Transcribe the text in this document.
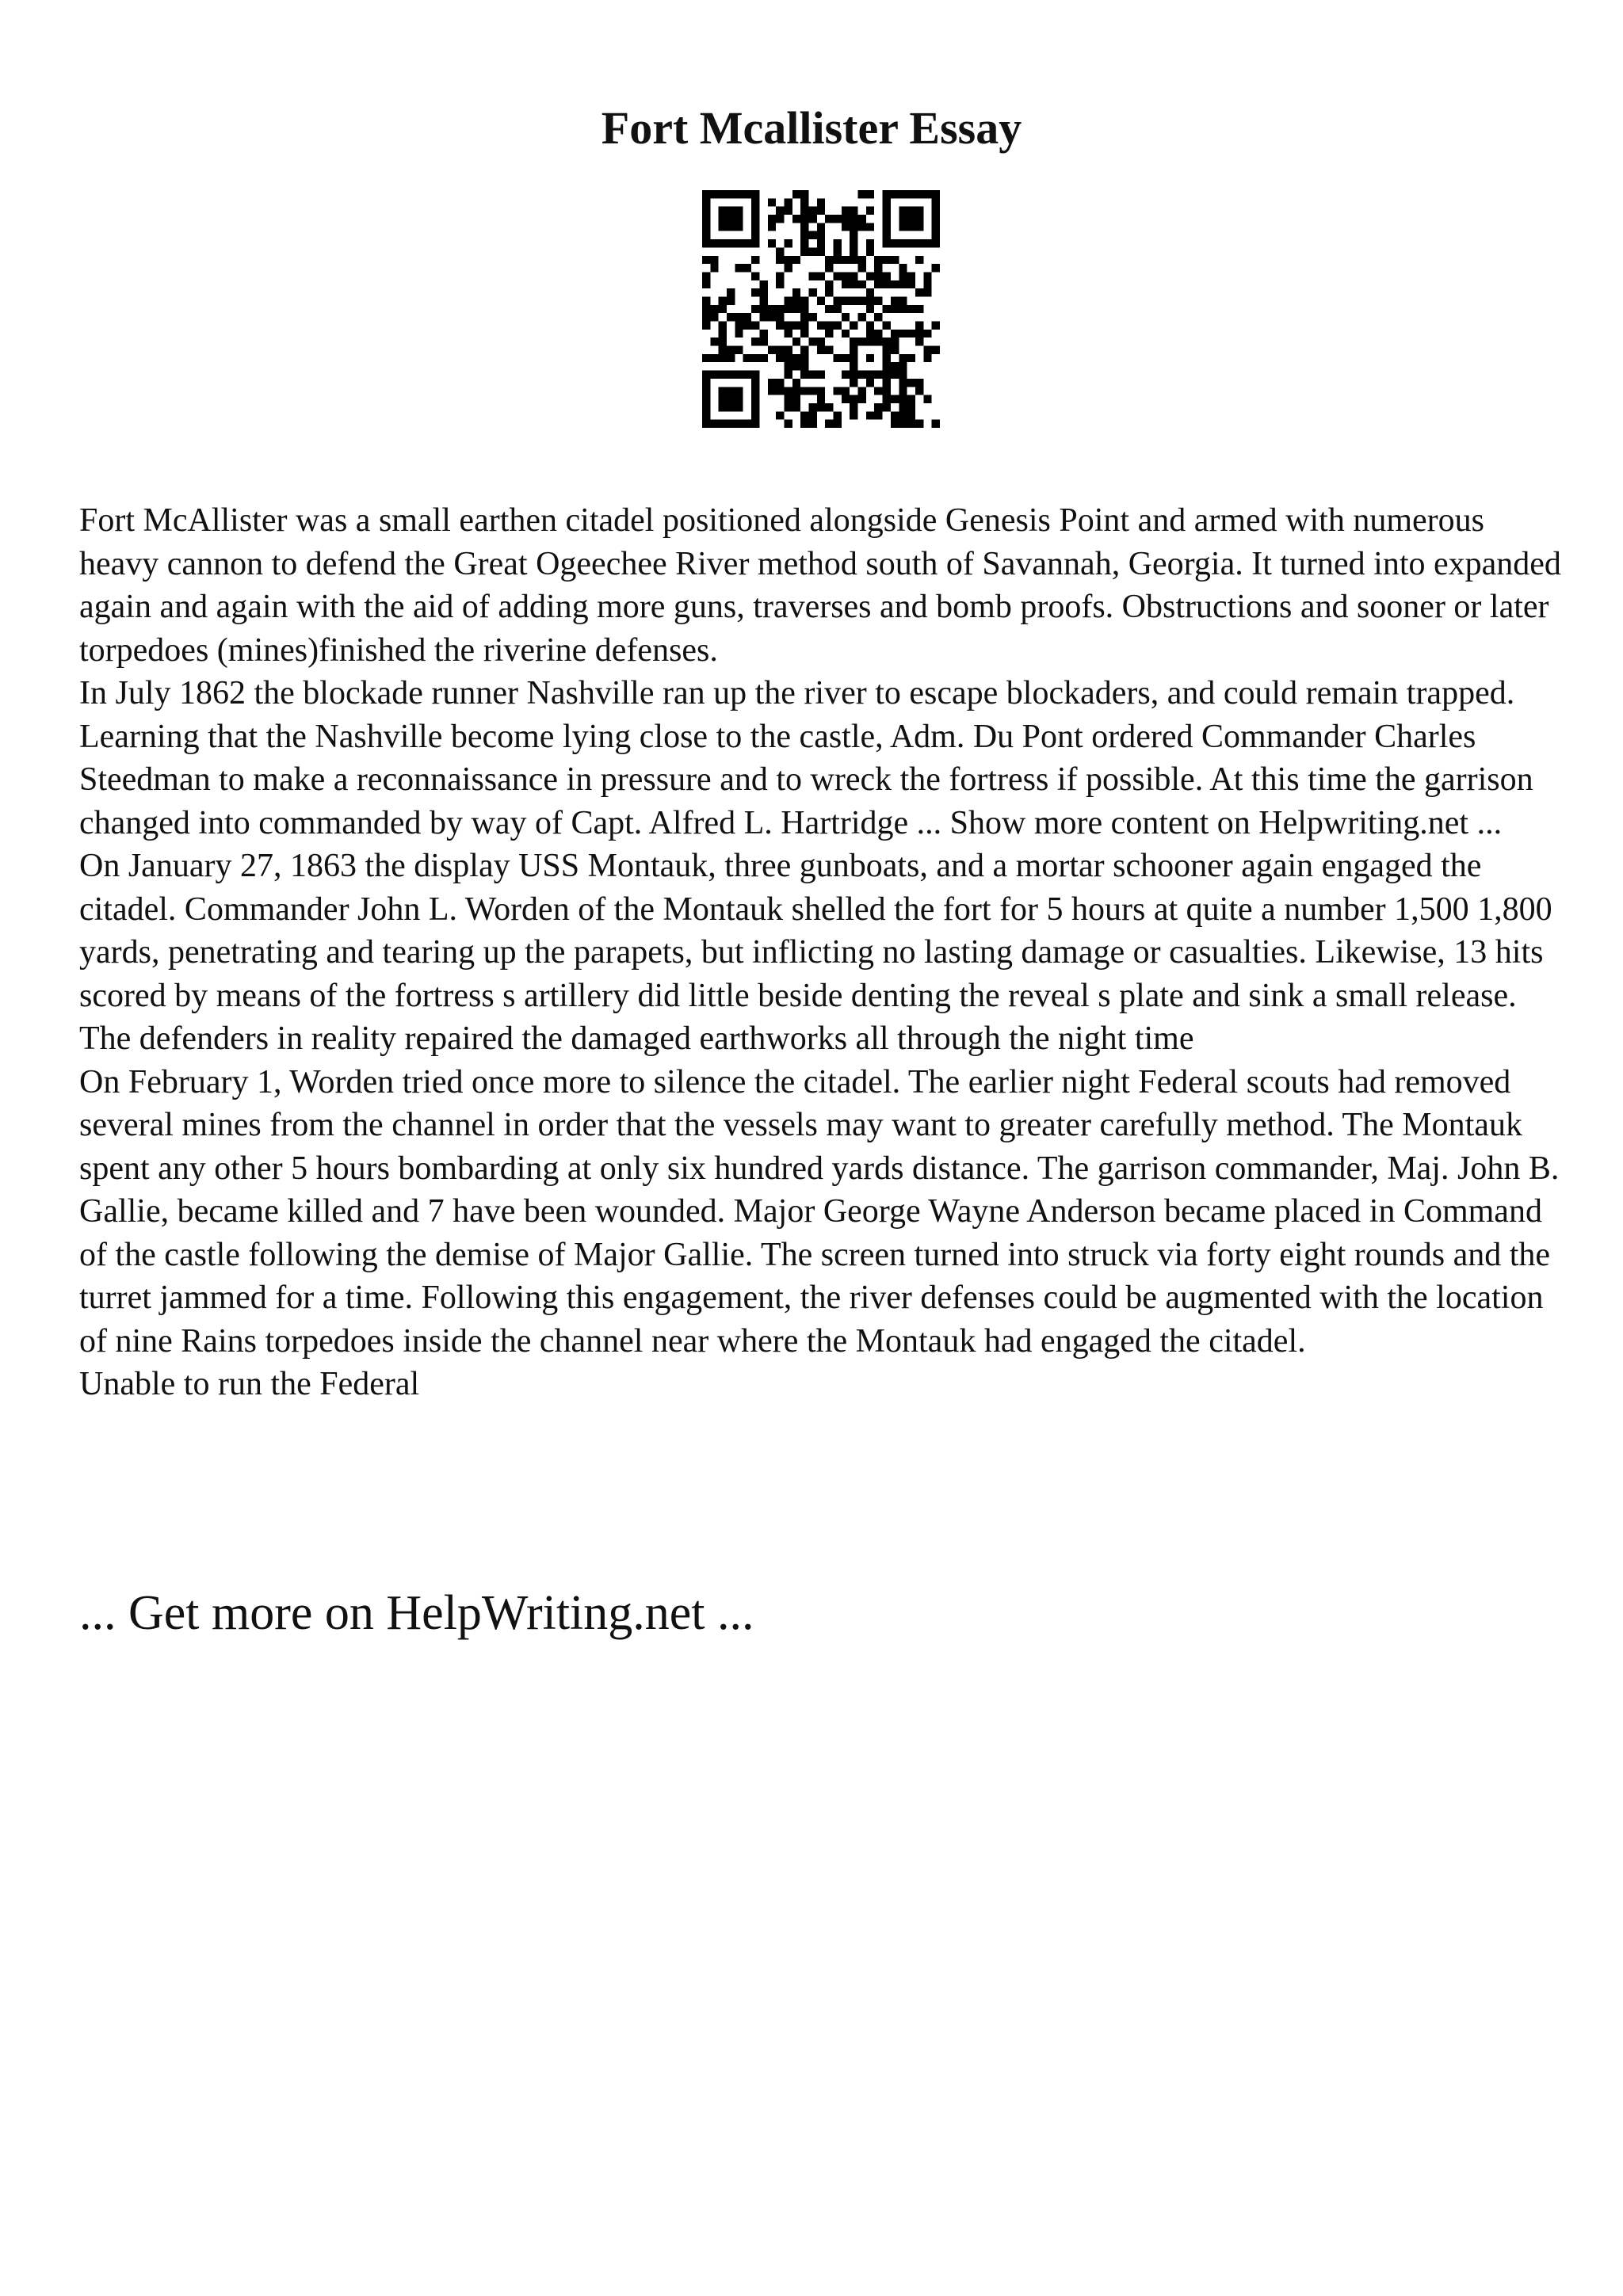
Fort Mcallister Essay

Fort McAllister was a small earthen citadel positioned alongside Genesis Point and armed with numerous heavy cannon to defend the Great Ogeechee River method south of Savannah, Georgia. It turned into expanded again and again with the aid of adding more guns, traverses and bomb proofs. Obstructions and sooner or later torpedoes (mines)finished the riverine defenses.

In July 1862 the blockade runner Nashville ran up the river to escape blockaders, and could remain trapped. Learning that the Nashville become lying close to the castle, Adm. Du Pont ordered Commander Charles Steedman to make a reconnaissance in pressure and to wreck the fortress if possible. At this time the garrison changed into commanded by way of Capt. Alfred L. Hartridge ... Show more content on Helpwriting.net ...

On January 27, 1863 the display USS Montauk, three gunboats, and a mortar schooner again engaged the citadel. Commander John L. Worden of the Montauk shelled the fort for 5 hours at quite a number 1,500 1,800 yards, penetrating and tearing up the parapets, but inflicting no lasting damage or casualties. Likewise, 13 hits scored by means of the fortress s artillery did little beside denting the reveal s plate and sink a small release. The defenders in reality repaired the damaged earthworks all through the night time

On February 1, Worden tried once more to silence the citadel. The earlier night Federal scouts had removed several mines from the channel in order that the vessels may want to greater carefully method. The Montauk spent any other 5 hours bombarding at only six hundred yards distance. The garrison commander, Maj. John B. Gallie, became killed and 7 have been wounded. Major George Wayne Anderson became placed in Command of the castle following the demise of Major Gallie. The screen turned into struck via forty eight rounds and the turret jammed for a time. Following this engagement, the river defenses could be augmented with the location of nine Rains torpedoes inside the channel near where the Montauk had engaged the citadel.

Unable to run the Federal

... Get more on HelpWriting.net ...
